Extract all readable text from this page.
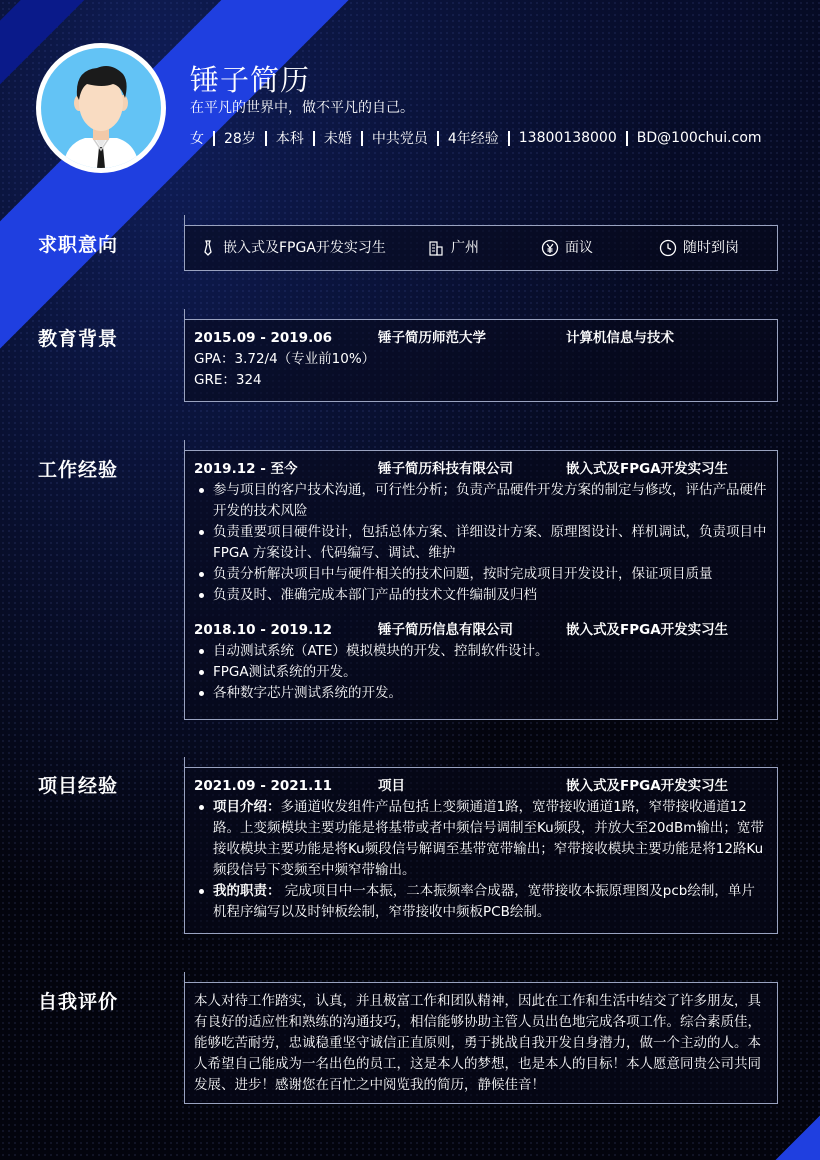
锤子简历
在平凡的世界中，做不平凡的自己。
女 28岁 本科 未婚 中共党员 4年经验 13800138000 BD@100chui.com
求职意向	嵌入式及FPGA开发实习生	广州	面议	随时到岗
教育背景	2015.09 - 2019.06	锤子简历师范大学	计算机信息与技术
GPA：3.72/4（专业前10%）
GRE：324
工作经验	2019.12 - 至今	锤子简历科技有限公司	嵌入式及FPGA开发实习生
参与项目的客户技术沟通，可行性分析；负责产品硬件开发方案的制定与修改，评估产品硬件开发的技术风险
负责重要项目硬件设计，包括总体方案、详细设计方案、原理图设计、样机调试，负责项目中 FPGA 方案设计、代码编写、调试、维护
负责分析解决项目中与硬件相关的技术问题，按时完成项目开发设计，保证项目质量
负责及时、准确完成本部门产品的技术文件编制及归档
2018.10 - 2019.12	锤子简历信息有限公司	嵌入式及FPGA开发实习生
自动测试系统（ATE）模拟模块的开发、控制软件设计。
FPGA测试系统的开发。
各种数字芯片测试系统的开发。
项目经验	2021.09 - 2021.11	项目	嵌入式及FPGA开发实习生
项目介绍：多通道收发组件产品包括上变频通道1路，宽带接收通道1路，窄带接收通道12路。上变频模块主要功能是将基带或者中频信号调制至Ku频段，并放大至20dBm输出；宽带接收模块主要功能是将Ku频段信号解调至基带宽带输出；窄带接收模块主要功能是将12路Ku频段信号下变频至中频窄带输出。
我的职责： 完成项目中一本振，二本振频率合成器，宽带接收本振原理图及pcb绘制，单片机程序编写以及时钟板绘制，窄带接收中频板PCB绘制。
自我评价	本人对待工作踏实，认真，并且极富工作和团队精神，因此在工作和生活中结交了许多朋友，具有良好的适应性和熟练的沟通技巧，相信能够协助主管人员出色地完成各项工作。综合素质佳，能够吃苦耐劳，忠诚稳重坚守诚信正直原则，勇于挑战自我开发自身潜力，做一个主动的人。本人希望自己能成为一名出色的员工，这是本人的梦想，也是本人的目标！本人愿意同贵公司共同发展、进步！感谢您在百忙之中阅览我的简历，静候佳音！
